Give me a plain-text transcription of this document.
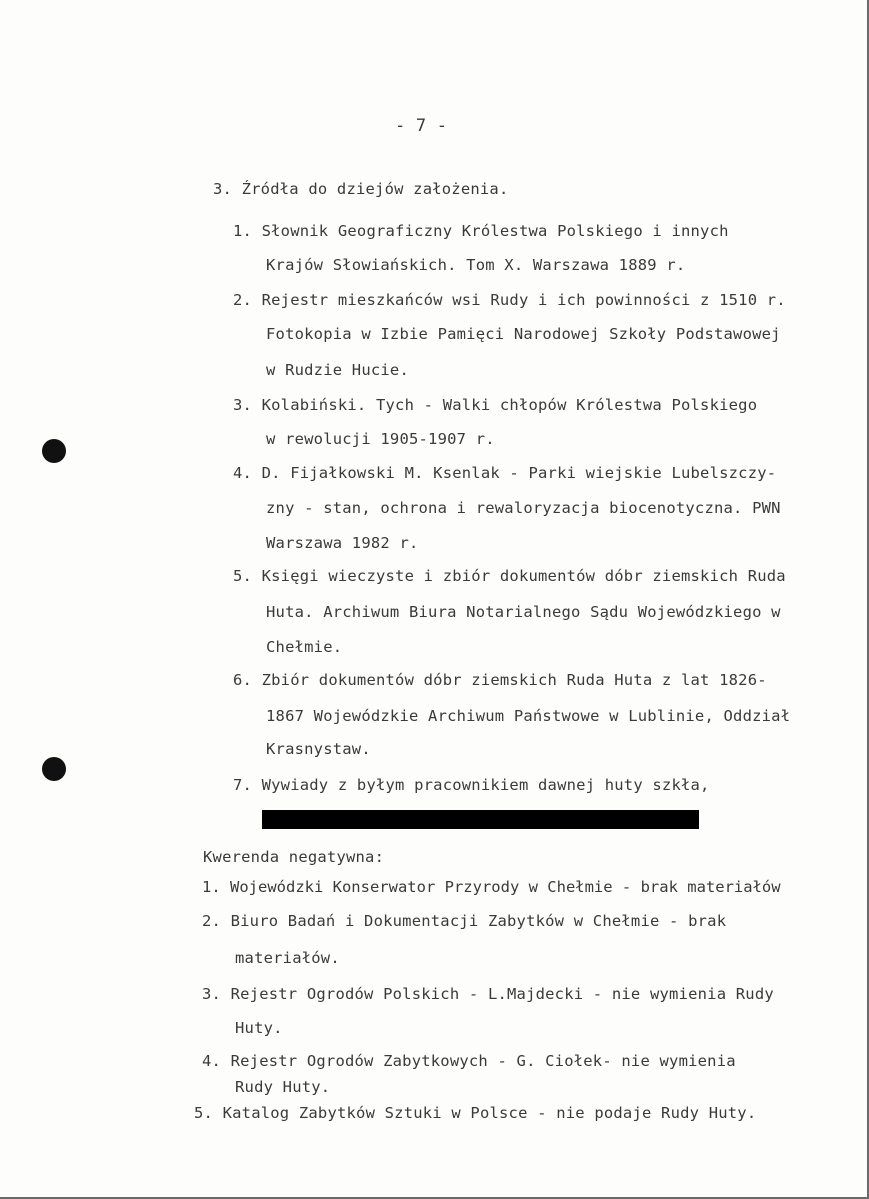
- 7 -
3. Źródła do dziejów założenia.
1. Słownik Geograficzny Królestwa Polskiego i innych
Krajów Słowiańskich. Tom X. Warszawa 1889 r.
2. Rejestr mieszkańców wsi Rudy i ich powinności z 1510 r.
Fotokopia w Izbie Pamięci Narodowej Szkoły Podstawowej
w Rudzie Hucie.
3. Kolabiński. Tych - Walki chłopów Królestwa Polskiego
w rewolucji 1905-1907 r.
4. D. Fijałkowski M. Ksenlak - Parki wiejskie Lubelszczy-
zny - stan, ochrona i rewaloryzacja biocenotyczna. PWN
Warszawa 1982 r.
5. Księgi wieczyste i zbiór dokumentów dóbr ziemskich Ruda
Huta. Archiwum Biura Notarialnego Sądu Wojewódzkiego w
Chełmie.
6. Zbiór dokumentów dóbr ziemskich Ruda Huta z lat 1826-
1867 Wojewódzkie Archiwum Państwowe w Lublinie, Oddział
Krasnystaw.
7. Wywiady z byłym pracownikiem dawnej huty szkła,
Kwerenda negatywna:
1. Wojewódzki Konserwator Przyrody w Chełmie - brak materiałów
2. Biuro Badań i Dokumentacji Zabytków w Chełmie - brak
materiałów.
3. Rejestr Ogrodów Polskich - L.Majdecki - nie wymienia Rudy
Huty.
4. Rejestr Ogrodów Zabytkowych - G. Ciołek- nie wymienia
Rudy Huty.
5. Katalog Zabytków Sztuki w Polsce - nie podaje Rudy Huty.
